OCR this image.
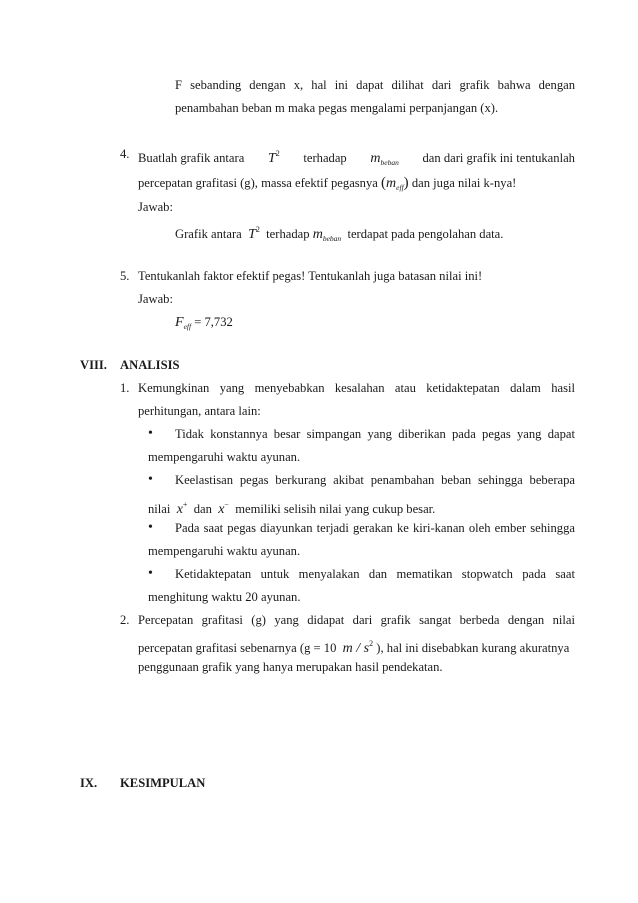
F sebanding dengan x, hal ini dapat dilihat dari grafik bahwa dengan
penambahan beban m maka pegas mengalami perpanjangan (x).
4. Buatlah grafik antara $T^2$ terhadap $m_{beban}$ dan dari grafik ini tentukanlah
percepatan grafitasi (g), massa efektif pegasnya $(m_{eff})$ dan juga nilai k-nya!
Jawab:
Grafik antara $T^2$ terhadap $m_{beban}$ terdapat pada pengolahan data.
5. Tentukanlah faktor efektif pegas! Tentukanlah juga batasan nilai ini!
Jawab:
$F_{eff} = 7,732$
VIII. ANALISIS
1. Kemungkinan yang menyebabkan kesalahan atau ketidaktepatan dalam hasil
perhitungan, antara lain:
• Tidak konstannya besar simpangan yang diberikan pada pegas yang dapat
mempengaruhi waktu ayunan.
• Keelastisan pegas berkurang akibat penambahan beban sehingga beberapa
nilai x+ dan x− memiliki selisih nilai yang cukup besar.
• Pada saat pegas diayunkan terjadi gerakan ke kiri-kanan oleh ember sehingga
mempengaruhi waktu ayunan.
• Ketidaktepatan untuk menyalakan dan mematikan stopwatch pada saat
menghitung waktu 20 ayunan.
2. Percepatan grafitasi (g) yang didapat dari grafik sangat berbeda dengan nilai
percepatan grafitasi sebenarnya (g = 10 m / $s^2$ ), hal ini disebabkan kurang akuratnya
penggunaan grafik yang hanya merupakan hasil pendekatan.
IX. KESIMPULAN
